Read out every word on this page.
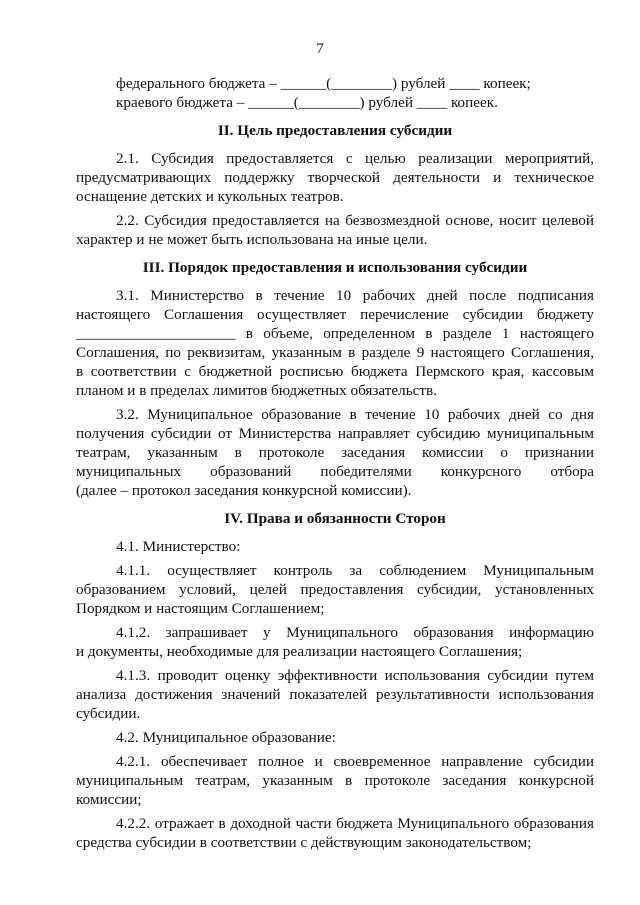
7
федерального бюджета – ______(________) рублей ____ копеек;
краевого бюджета – ______(________) рублей ____ копеек.
II. Цель предоставления субсидии
2.1. Субсидия предоставляется с целью реализации мероприятий,
предусматривающих поддержку творческой деятельности и техническое
оснащение детских и кукольных театров.
2.2. Субсидия предоставляется на безвозмездной основе, носит целевой
характер и не может быть использована на иные цели.
III. Порядок предоставления и использования субсидии
3.1. Министерство в течение 10 рабочих дней после подписания
настоящего Соглашения осуществляет перечисление субсидии бюджету
_____________________ в объеме, определенном в разделе 1 настоящего
Соглашения, по реквизитам, указанным в разделе 9 настоящего Соглашения,
в соответствии с бюджетной росписью бюджета Пермского края, кассовым
планом и в пределах лимитов бюджетных обязательств.
3.2. Муниципальное образование в течение 10 рабочих дней со дня
получения субсидии от Министерства направляет субсидию муниципальным
театрам, указанным в протоколе заседания комиссии о признании
муниципальных образований победителями конкурсного отбора
(далее – протокол заседания конкурсной комиссии).
IV. Права и обязанности Сторон
4.1. Министерство:
4.1.1. осуществляет контроль за соблюдением Муниципальным
образованием условий, целей предоставления субсидии, установленных
Порядком и настоящим Соглашением;
4.1.2. запрашивает у Муниципального образования информацию
и документы, необходимые для реализации настоящего Соглашения;
4.1.3. проводит оценку эффективности использования субсидии путем
анализа достижения значений показателей результативности использования
субсидии.
4.2. Муниципальное образование:
4.2.1. обеспечивает полное и своевременное направление субсидии
муниципальным театрам, указанным в протоколе заседания конкурсной
комиссии;
4.2.2. отражает в доходной части бюджета Муниципального образования
средства субсидии в соответствии с действующим законодательством;
